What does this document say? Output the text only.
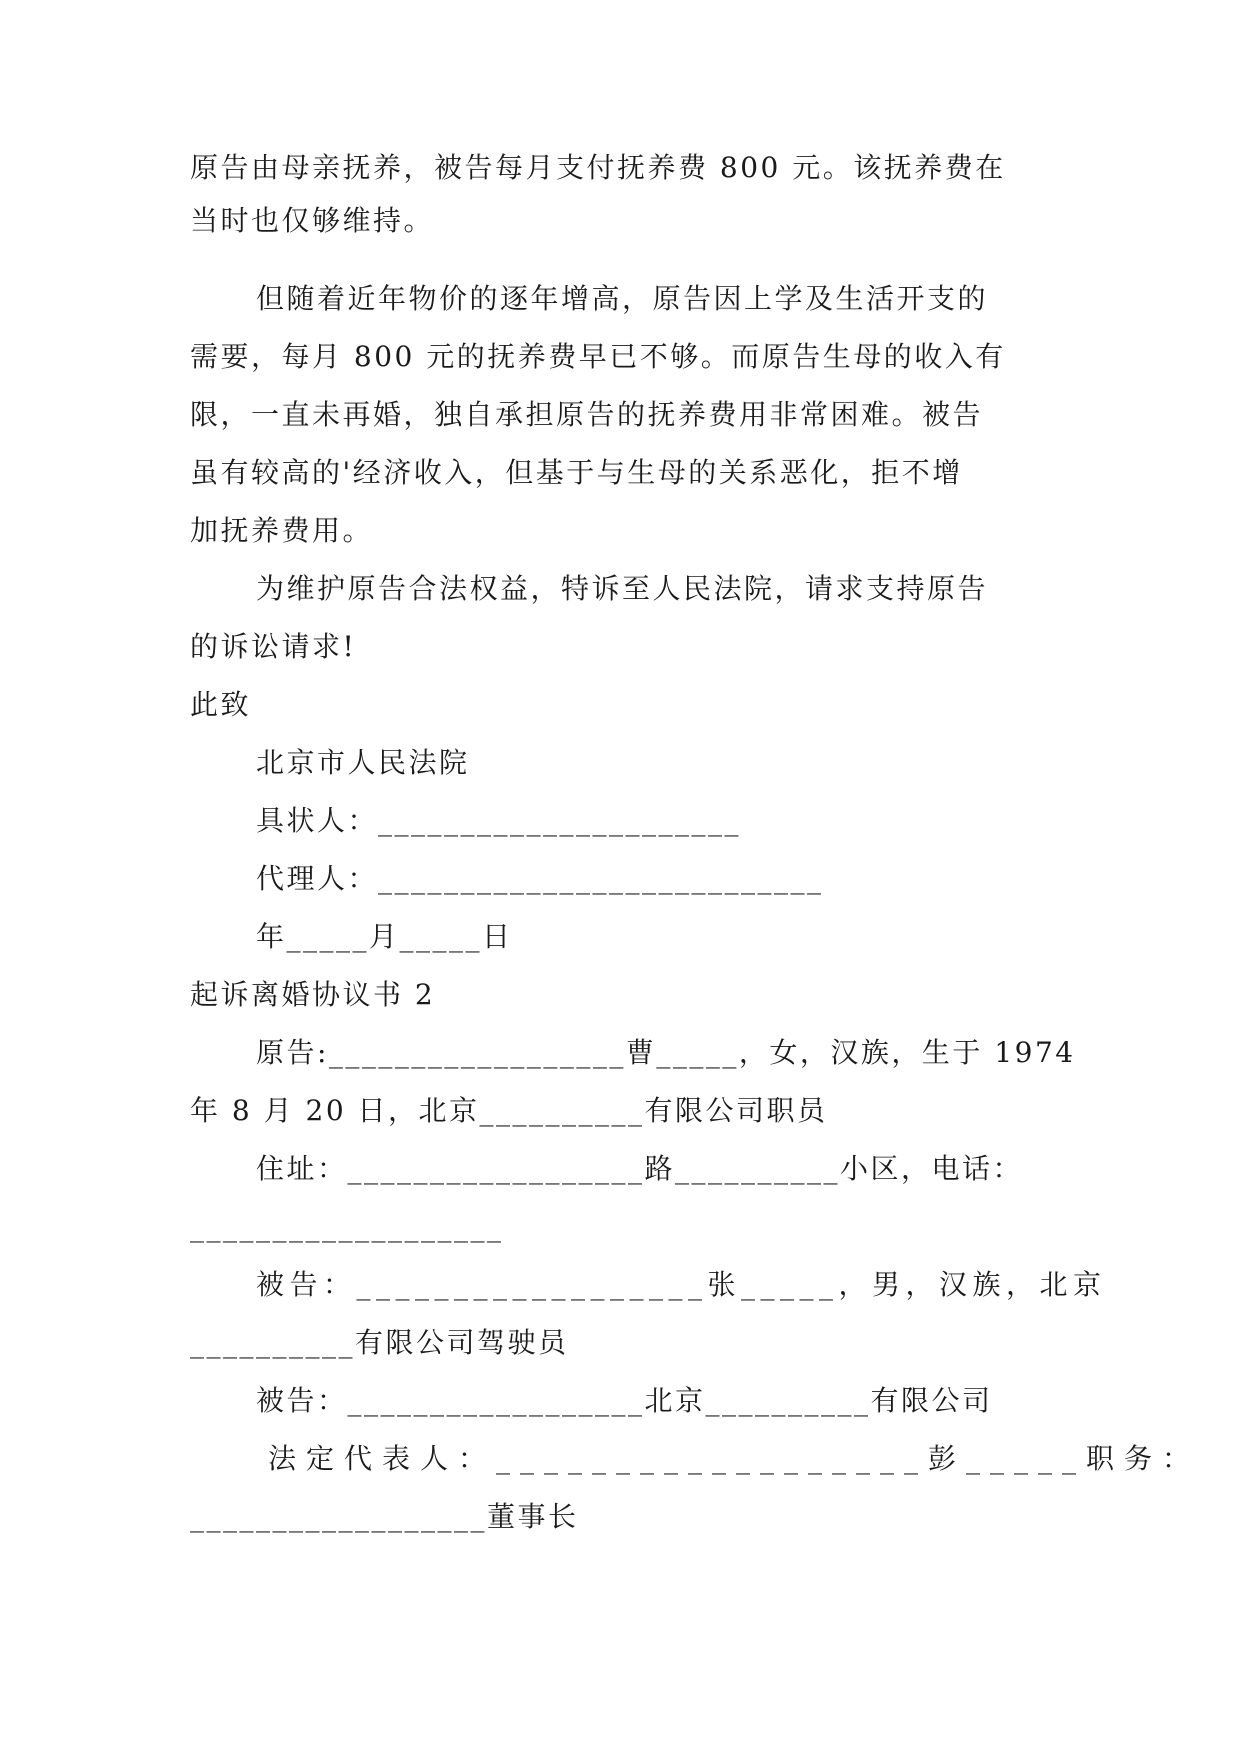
原告由母亲抚养，被告每月支付抚养费 800 元。该抚养费在
当时也仅够维持。
但随着近年物价的逐年增高，原告因上学及生活开支的
需要，每月 800 元的抚养费早已不够。而原告生母的收入有
限，一直未再婚，独自承担原告的抚养费用非常困难。被告
虽有较高的'经济收入，但基于与生母的关系恶化，拒不增
加抚养费用。
为维护原告合法权益，特诉至人民法院，请求支持原告
的诉讼请求!
此致
北京市人民法院
具状人：______________________
代理人：___________________________
年_____月_____日
起诉离婚协议书 2
原告:__________________曹_____，女，汉族，生于 1974
年 8 月 20 日，北京__________有限公司职员
住址：__________________路__________小区，电话：
___________________
被告：__________________张_____，男，汉族，北京
__________有限公司驾驶员
被告：__________________北京__________有限公司
法定代表人：__________________彭_____职务：
__________________董事长
